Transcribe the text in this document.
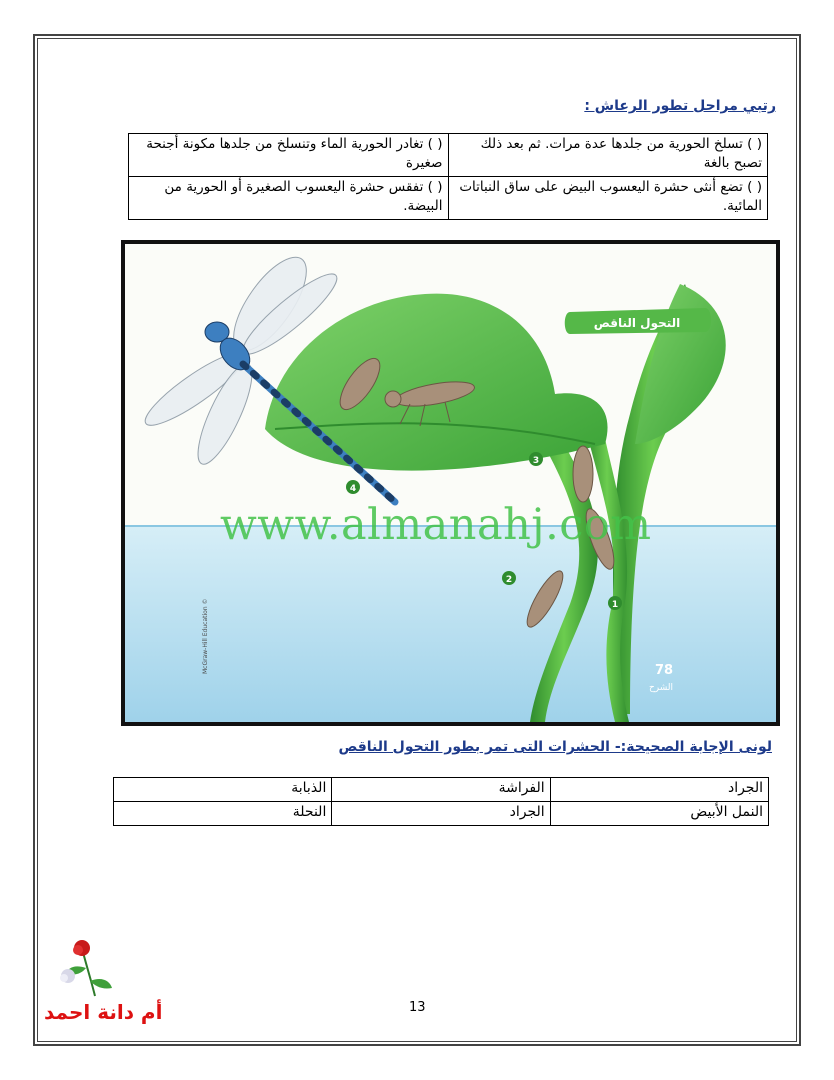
رتبي مراحل تطور الرعاش :
( ) تسلخ الحورية من جلدها عدة مرات. ثم بعد ذلك تصبح بالغة	( ) تغادر الحورية الماء وتنسلخ من جلدها مكونة أجنحة صغيرة
( ) تضع أنثى حشرة اليعسوب البيض على ساق النباتات المائية.	( ) تفقس حشرة اليعسوب الصغيرة أو الحورية من البيضة.
التحول الناقص
4
3
2
1
78
الشرح
McGraw-Hill Education ©
www.almanahj.com
لونى الإجابة الصحيحة:- الحشرات التى تمر بطور التحول الناقص
الجراد	الفراشة	الذبابة
النمل الأبيض	الجراد	النحلة
أم دانة احمد	13
